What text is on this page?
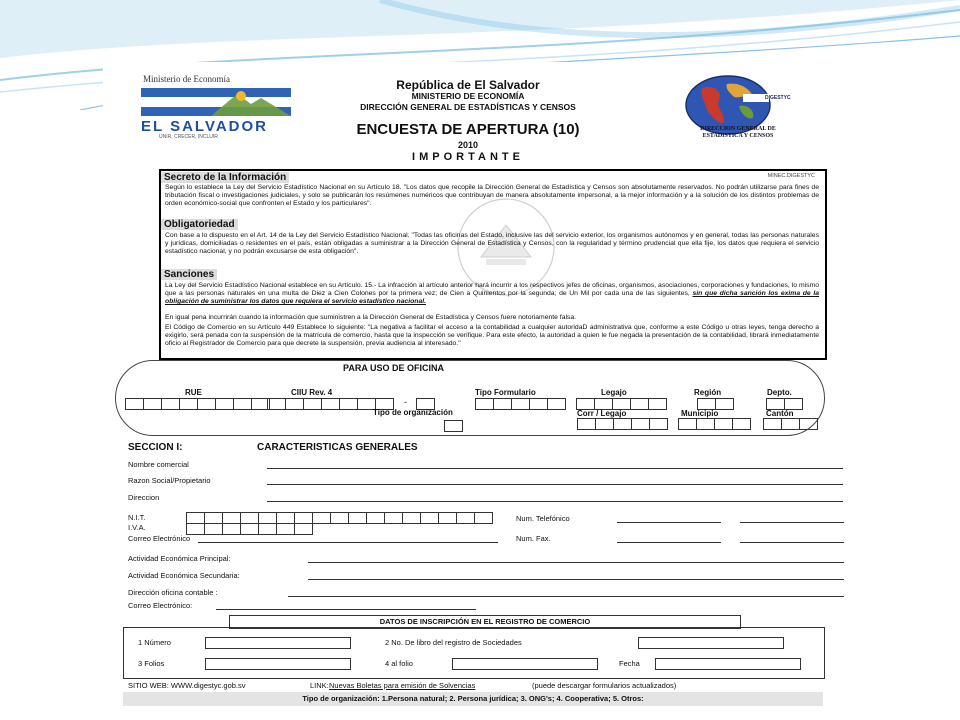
Ministerio de Economía
EL SALVADOR
UNIR, CRECER, INCLUIR
República de El Salvador
MINISTERIO DE ECONOMÍA
DIRECCIÓN GENERAL DE ESTADÍSTICAS Y CENSOS
ENCUESTA DE APERTURA (10)
2010
IMPORTANTE
DIGESTYC
DIRECCION GENERAL DE
ESTADISTICA Y CENSOS
MINEC.DIGESTYC
Secreto de la Información
Según lo establece la Ley del Servicio Estadístico Nacional en su Artículo 18. "Los datos que recopile la Dirección General de Estadística y Censos son absolutamente reservados. No podrán utilizarse para fines de tributación fiscal o investigaciones judiciales, y solo se publicarán los resúmenes numéricos que contribuyan de manera absolutamente impersonal, a la mejor información y a la solución de los distintos problemas de orden económico-social que confronten el Estado y los particulares".
Obligatoriedad
Con base a lo dispuesto en el Art. 14 de la Ley del Servicio Estadístico Nacional. "Todas las oficinas del Estado, inclusive las del servicio exterior, los organismos autónomos y en general, todas las personas naturales y jurídicas, domiciliadas o residentes en el país, están obligadas a suministrar a la Dirección General de Estadística y Censos, con la regularidad y término prudencial que ella fije, los datos que requiera el servicio estadístico nacional, y no podrán excusarse de esta obligación".
Sanciones
La Ley del Servicio Estadístico Nacional establece en su Artículo. 15.- La infracción al artículo anterior hará incurrir a los respectivos jefes de oficinas, organismos, asociaciones, corporaciones y fundaciones, lo mismo que a las personas naturales en una multa de Diez a Cien Colones por la primera vez; de Cien a Quinientos por la segunda; de Un Mil por cada una de las siguientes, sin que dicha sanción los exima de la obligación de suministrar los datos que requiera el servicio estadístico nacional.
En igual pena incurrirán cuando la información que suministren a la Dirección General de Estadística y Censos fuere notoriamente falsa.
El Código de Comercio en su Artículo 449 Establece lo siguiente: "La negativa a facilitar el acceso a la contabilidad a cualquier autoridaD administrativa que, conforme a este Código u otras leyes, tenga derecho a exigirlo, será penada con la suspensión de la matrícula de comercio, hasta que la inspección se verifique. Para este efecto, la autoridad a quien le fue negada la presentación de la contabilidad, librará inmediatamente oficio al Registrador de Comercio para que decrete la suspensión, previa audiencia al interesado."
PARA USO DE OFICINA
RUE	CIIU Rev. 4	Tipo Formulario	Legajo	Región	Depto.
-
Tipo de organización	Corr / Legajo	Municipio	Cantón
SECCION I:	CARACTERISTICAS GENERALES
Nombre comercial
Razon Social/Propietario
Direccion
N.I.T.
I.V.A.
Num. Telefónico
Correo Electrónico	Num. Fax.
Actividad Económica Principal:
Actividad Económica Secundaria:
Dirección oficina contable :
Correo Electrónico:
DATOS DE INSCRIPCIÓN EN EL REGISTRO DE COMERCIO
1 Número	2 No. De libro del registro de Sociedades
3 Folios	4 al folio	Fecha
SITIO WEB: WWW.digestyc.gob.sv	LINK: Nuevas Boletas para emisión de Solvencias	(puede descargar formularios actualizados)
Tipo de organización: 1.Persona natural; 2. Persona jurídica; 3. ONG's; 4. Cooperativa; 5. Otros:
